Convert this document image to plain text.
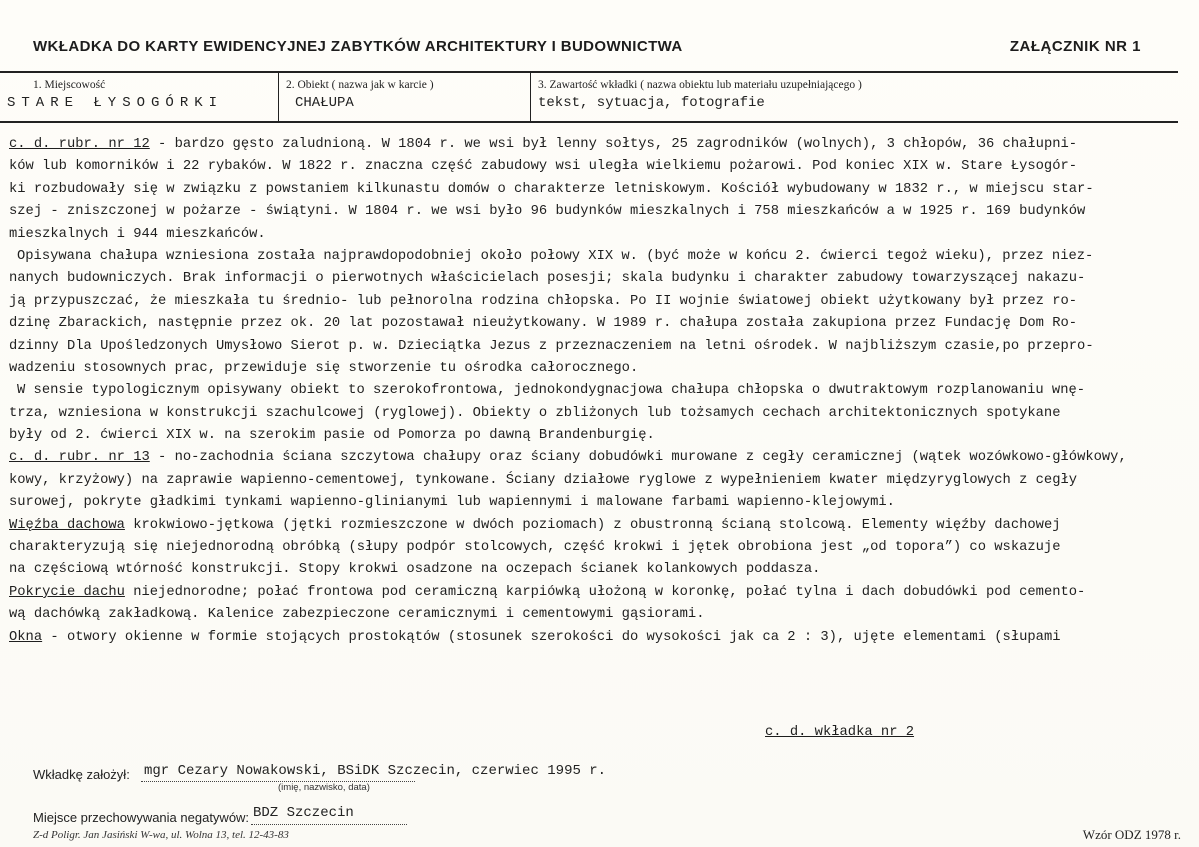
WKŁADKA DO KARTY EWIDENCYJNEJ ZABYTKÓW ARCHITEKTURY I BUDOWNICTWA	ZAŁĄCZNIK NR 1
1. Miejscowość
STARE ŁYSOGÓRKI
2. Obiekt ( nazwa jak w karcie )
CHAŁUPA
3. Zawartość wkładki ( nazwa obiektu lub materiału uzupełniającego )
tekst, sytuacja, fotografie
c. d. rubr. nr 12 - bardzo gęsto zaludnioną. W 1804 r. we wsi był lenny sołtys, 25 zagrodników (wolnych), 3 chłopów, 36 chałupni-
ków lub komorników i 22 rybaków. W 1822 r. znaczna część zabudowy wsi uległa wielkiemu pożarowi. Pod koniec XIX w. Stare Łysogór-
ki rozbudowały się w związku z powstaniem kilkunastu domów o charakterze letniskowym. Kościół wybudowany w 1832 r., w miejscu star-
szej - zniszczonej w pożarze - świątyni. W 1804 r. we wsi było 96 budynków mieszkalnych i 758 mieszkańców a w 1925 r. 169 budynków
mieszkalnych i 944 mieszkańców.
Opisywana chałupa wzniesiona została najprawdopodobniej około połowy XIX w. (być może w końcu 2. ćwierci tegoż wieku), przez niez-
nanych budowniczych. Brak informacji o pierwotnych właścicielach posesji; skala budynku i charakter zabudowy towarzyszącej nakazu-
ją przypuszczać, że mieszkała tu średnio- lub pełnorolna rodzina chłopska. Po II wojnie światowej obiekt użytkowany był przez ro-
dzinę Zbarackich, następnie przez ok. 20 lat pozostawał nieużytkowany. W 1989 r. chałupa została zakupiona przez Fundację Dom Ro-
dzinny Dla Upośledzonych Umysłowo Sierot p. w. Dzieciątka Jezus z przeznaczeniem na letni ośrodek. W najbliższym czasie,po przepro-
wadzeniu stosownych prac, przewiduje się stworzenie tu ośrodka całorocznego.
W sensie typologicznym opisywany obiekt to szerokofrontowa, jednokondygnacjowa chałupa chłopska o dwutraktowym rozplanowaniu wnę-
trza, wzniesiona w konstrukcji szachulcowej (ryglowej). Obiekty o zbliżonych lub tożsamych cechach architektonicznych spotykane
były od 2. ćwierci XIX w. na szerokim pasie od Pomorza po dawną Brandenburgię.
c. d. rubr. nr 13 - no-zachodnia ściana szczytowa chałupy oraz ściany dobudówki murowane z cegły ceramicznej (wątek wozówkowo-główkowy,
kowy, krzyżowy) na zaprawie wapienno-cementowej, tynkowane. Ściany działowe ryglowe z wypełnieniem kwater międzyryglowych z cegły
surowej, pokryte gładkimi tynkami wapienno-glinianymi lub wapiennymi i malowane farbami wapienno-klejowymi.
Więźba dachowa krokwiowo-jętkowa (jętki rozmieszczone w dwóch poziomach) z obustronną ścianą stolcową. Elementy więźby dachowej
charakteryzują się niejednorodną obróbką (słupy podpór stolcowych, część krokwi i jętek obrobiona jest „od topora”) co wskazuje
na częściową wtórność konstrukcji. Stopy krokwi osadzone na oczepach ścianek kolankowych poddasza.
Pokrycie dachu niejednorodne; połać frontowa pod ceramiczną karpiówką ułożoną w koronkę, połać tylna i dach dobudówki pod cemento-
wą dachówką zakładkową. Kalenice zabezpieczone ceramicznymi i cementowymi gąsiorami.
Okna - otwory okienne w formie stojących prostokątów (stosunek szerokości do wysokości jak ca 2 : 3), ujęte elementami (słupami
c. d. wkładka nr 2
Wkładkę założył: mgr Cezary Nowakowski, BSiDK Szczecin, czerwiec 1995 r.
(imię, nazwisko, data)
Miejsce przechowywania negatywów: BDZ Szczecin
Z-d Poligr. Jan Jasiński W-wa, ul. Wolna 13, tel. 12-43-83	Wzór ODZ 1978 r.
